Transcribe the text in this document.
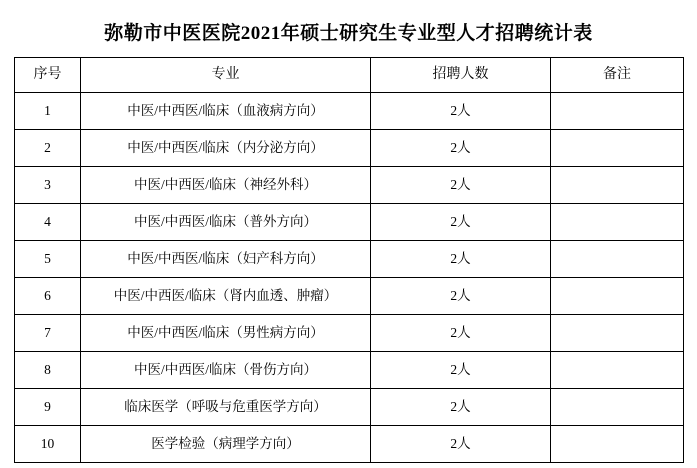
弥勒市中医医院2021年硕士研究生专业型人才招聘统计表
序号	专业	招聘人数	备注
1	中医/中西医/临床（血液病方向）	2人	
2	中医/中西医/临床（内分泌方向）	2人	
3	中医/中西医/临床（神经外科）	2人	
4	中医/中西医/临床（普外方向）	2人	
5	中医/中西医/临床（妇产科方向）	2人	
6	中医/中西医/临床（肾内血透、肿瘤）	2人	
7	中医/中西医/临床（男性病方向）	2人	
8	中医/中西医/临床（骨伤方向）	2人	
9	临床医学（呼吸与危重医学方向）	2人	
10	医学检验（病理学方向）	2人	
